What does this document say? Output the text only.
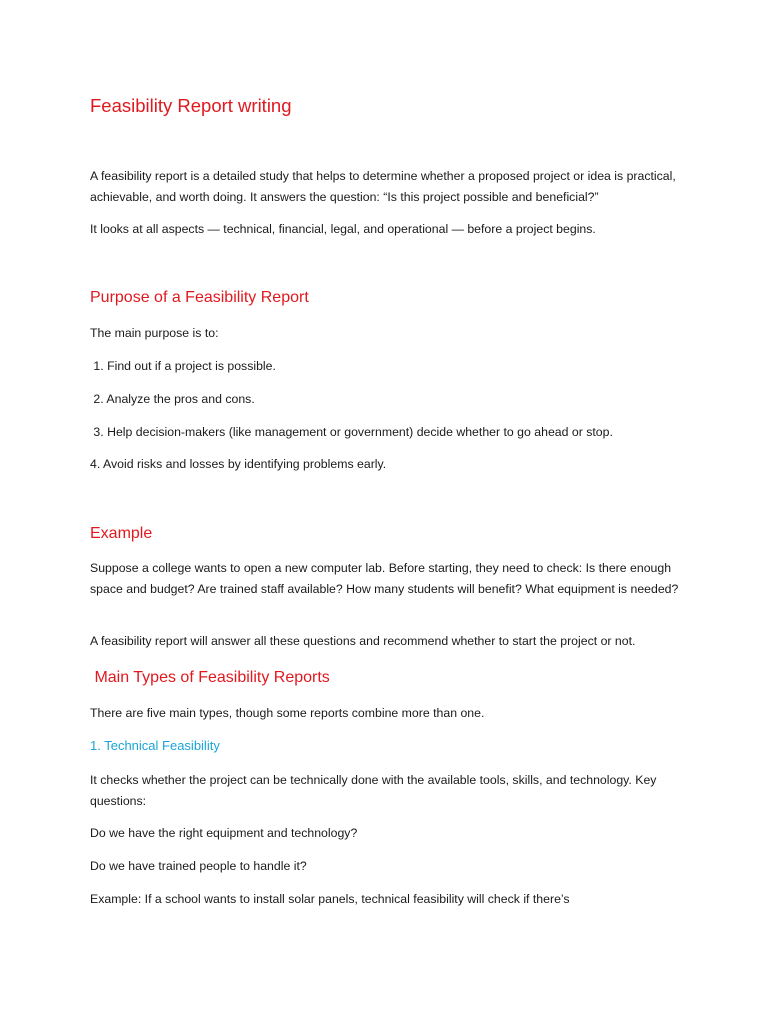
Feasibility Report writing

A feasibility report is a detailed study that helps to determine whether a proposed project or idea is practical, achievable, and worth doing. It answers the question: “Is this project possible and beneficial?”

It looks at all aspects — technical, financial, legal, and operational — before a project begins.

Purpose of a Feasibility Report

The main purpose is to:

1. Find out if a project is possible.

2. Analyze the pros and cons.

3. Help decision-makers (like management or government) decide whether to go ahead or stop.

4. Avoid risks and losses by identifying problems early.

Example

Suppose a college wants to open a new computer lab. Before starting, they need to check: Is there enough space and budget? Are trained staff available? How many students will benefit? What equipment is needed?

A feasibility report will answer all these questions and recommend whether to start the project or not.

Main Types of Feasibility Reports

There are five main types, though some reports combine more than one.

1. Technical Feasibility

It checks whether the project can be technically done with the available tools, skills, and technology. Key questions:

Do we have the right equipment and technology?

Do we have trained people to handle it?

Example: If a school wants to install solar panels, technical feasibility will check if there’s
